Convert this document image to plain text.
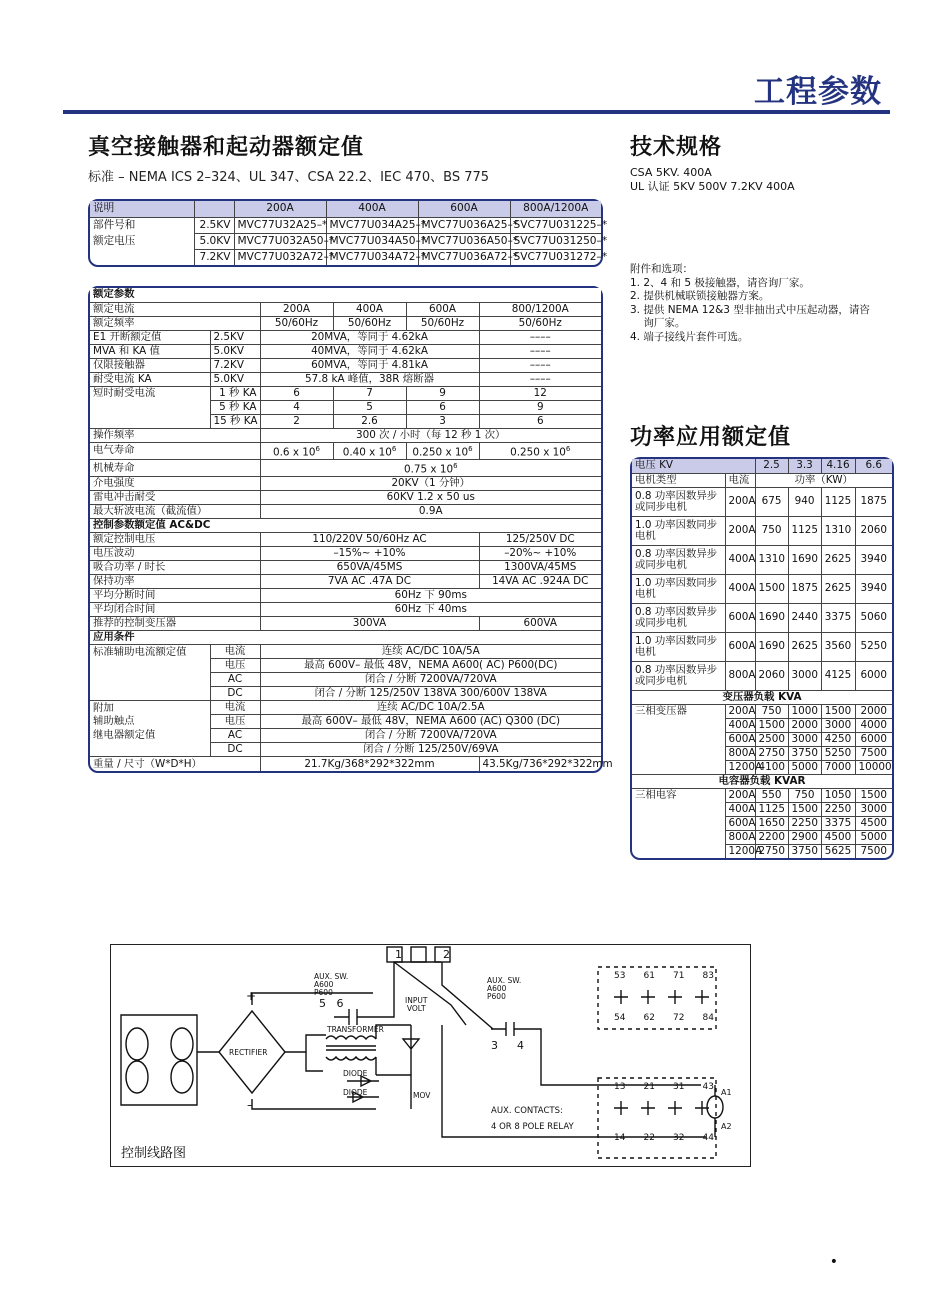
工程参数
真空接触器和起动器额定值
标准 – NEMA ICS 2–324、UL 347、CSA 22.2、IEC 470、BS 775
说明		200A	400A	600A	800A/1200A
部件号和	2.5KV	MVC77U32A25–*	MVC77U034A25–*	MVC77U036A25–*	SVC77U031225–*
额定电压	5.0KV	MVC77U032A50–*	MVC77U034A50–*	MVC77U036A50–*	SVC77U031250–*
	7.2KV	MVC77U032A72–*	MVC77U034A72–*	MVC77U036A72–*	SVC77U031272–*
额定参数					
额定电流		200A	400A	600A	800/1200A
额定频率		50/60Hz	50/60Hz	50/60Hz	50/60Hz
E1 开断额定值	2.5KV	20MVA，等同于 4.62kA			––––
MVA 和 KA 值	5.0KV	40MVA，等同于 4.62kA			––––
仅限接触器	7.2KV	60MVA，等同于 4.81kA			––––
耐受电流 KA	5.0KV	57.8 kA 峰值，38R 熔断器			––––
短时耐受电流	1 秒 KA	6	7	9	12
	5 秒 KA	4	5	6	9
	15 秒 KA	2	2.6	3	6
操作频率		300 次 / 小时（每 12 秒 1 次）			
电气寿命		0.6 x $10^6$	0.40 x $10^6$	0.250 x $10^6$	0.250 x $10^6$
机械寿命		0.75 x $10^6$
介电强度		20KV（1 分钟）			
雷电冲击耐受		60KV 1.2 x 50 us			
最大斩波电流（截流值）		0.9A			
控制参数额定值 AC&DC					
额定控制电压		110/220V 50/60Hz AC			125/250V DC
电压波动		–15%~ +10%			–20%~ +10%
吸合功率 / 时长		650VA/45MS			1300VA/45MS
保持功率		7VA AC .47A DC			14VA AC .924A DC
平均分断时间		60Hz 下 90ms			
平均闭合时间		60Hz 下 40ms			
推荐的控制变压器		300VA			600VA
应用条件					
标准辅助电流额定值	电流	连续 AC/DC 10A/5A			
	电压	最高 600V– 最低 48V，NEMA A600( AC) P600(DC)			
	AC	闭合 / 分断 7200VA/720VA			
	DC	闭合 / 分断 125/250V 138VA 300/600V 138VA			
附加	电流	连续 AC/DC 10A/2.5A			
辅助触点	电压	最高 600V– 最低 48V，NEMA A600 (AC) Q300 (DC)			
继电器额定值	AC	闭合 / 分断 7200VA/720VA			
	DC	闭合 / 分断 125/250V/69VA			
重量 / 尺寸（W*D*H）		21.7Kg/368*292*322mm			43.5Kg/736*292*322mm
技术规格
CSA 5KV. 400A
UL 认证 5KV 500V 7.2KV 400A
附件和选项：
1. 2、4 和 5 极接触器，请咨询厂家。
2. 提供机械联锁接触器方案。
3. 提供 NEMA 12&3 型非抽出式中压起动器，请咨
询厂家。
4. 端子接线片套件可选。
功率应用额定值
电压 KV		2.5	3.3	4.16	6.6
电机类型	电流	功率（KW）			
0.8 功率因数异步或同步电机	200A	675	940	1125	1875
1.0 功率因数同步电机	200A	750	1125	1310	2060
0.8 功率因数异步或同步电机	400A	1310	1690	2625	3940
1.0 功率因数同步电机	400A	1500	1875	2625	3940
0.8 功率因数异步或同步电机	600A	1690	2440	3375	5060
1.0 功率因数同步电机	600A	1690	2625	3560	5250
0.8 功率因数异步或同步电机	800A	2060	3000	4125	6000
变压器负载 KVA					
三相变压器	200A	750	1000	1500	2000
	400A	1500	2000	3000	4000
	600A	2500	3000	4250	6000
	800A	2750	3750	5250	7500
	1200A	4100	5000	7000	10000
电容器负载 KVAR					
三相电容	200A	550	750	1050	1500
	400A	1125	1500	2250	3000
	600A	1650	2250	3375	4500
	800A	2200	2900	4500	5000
	1200A	2750	3750	5625	7500
AUX. SW.
A600
P600
5   6
1	2
INPUT
VOLT
TRANSFORMER
RECTIFIER
DIODE
DIODE	MOV
+
–
AUX. SW.
A600
P600
3 4
53 61 71 83
54 62 72 84
13 21 31 43
14 22 32 44
AUX. CONTACTS:
4 OR 8 POLE RELAY
A1
A2
控制线路图
•
